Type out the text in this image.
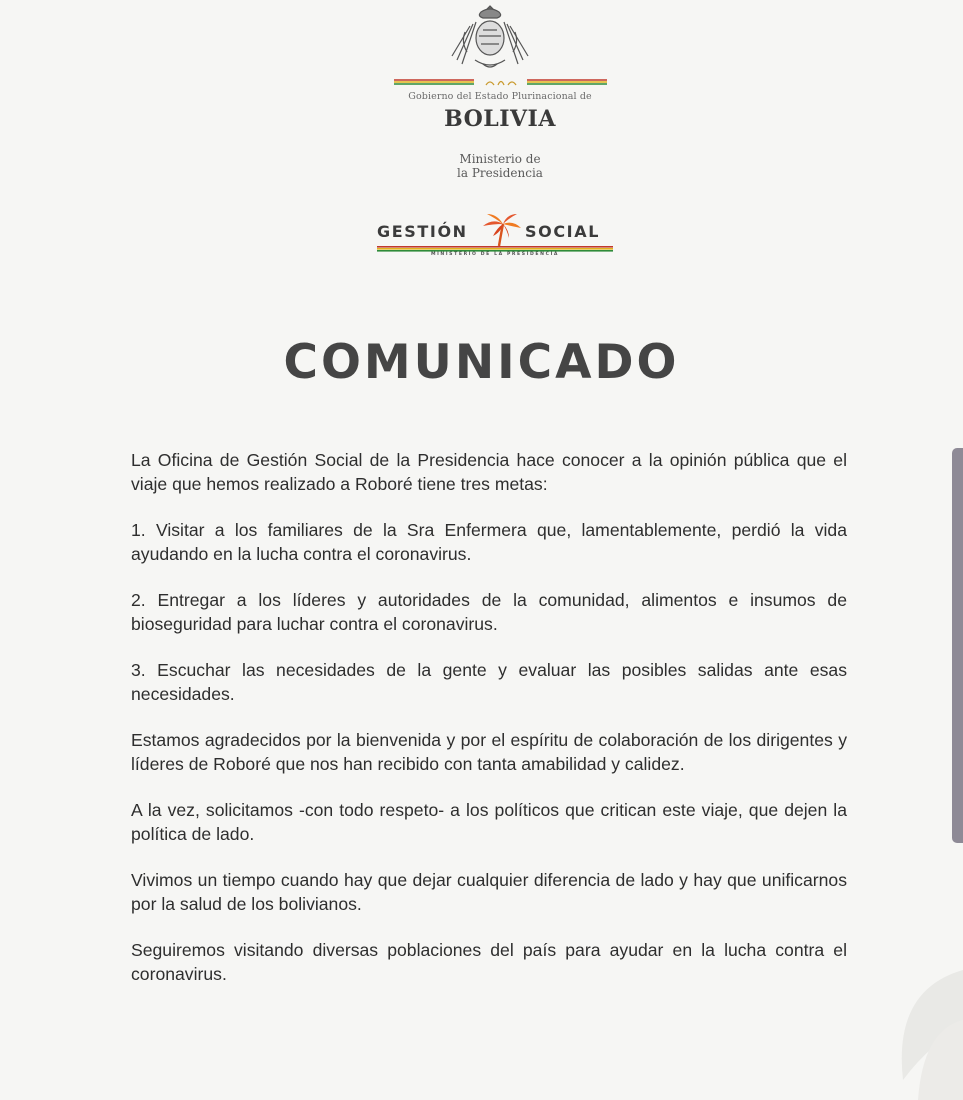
Gobierno del Estado Plurinacional de
BOLIVIA
Ministerio de
la Presidencia
GESTIÓN	SOCIAL
MINISTERIO DE LA PRESIDENCIA
COMUNICADO

La Oficina de Gestión Social de la Presidencia hace conocer a la opinión pública que el viaje que hemos realizado a Roboré tiene tres metas:

1. Visitar a los familiares de la Sra Enfermera que, lamentablemente, perdió la vida ayudando en la lucha contra el coronavirus.

2. Entregar a los líderes y autoridades de la comunidad, alimentos e insumos de bioseguridad para luchar contra el coronavirus.

3. Escuchar las necesidades de la gente y evaluar las posibles salidas ante esas necesidades.

Estamos agradecidos por la bienvenida y por el espíritu de colaboración de los dirigentes y líderes de Roboré que nos han recibido con tanta amabilidad y calidez.

A la vez, solicitamos -con todo respeto- a los políticos que critican este viaje, que dejen la política de lado.

Vivimos un tiempo cuando hay que dejar cualquier diferencia de lado y hay que unificarnos por la salud de los bolivianos.

Seguiremos visitando diversas poblaciones del país para ayudar en la lucha contra el coronavirus.
